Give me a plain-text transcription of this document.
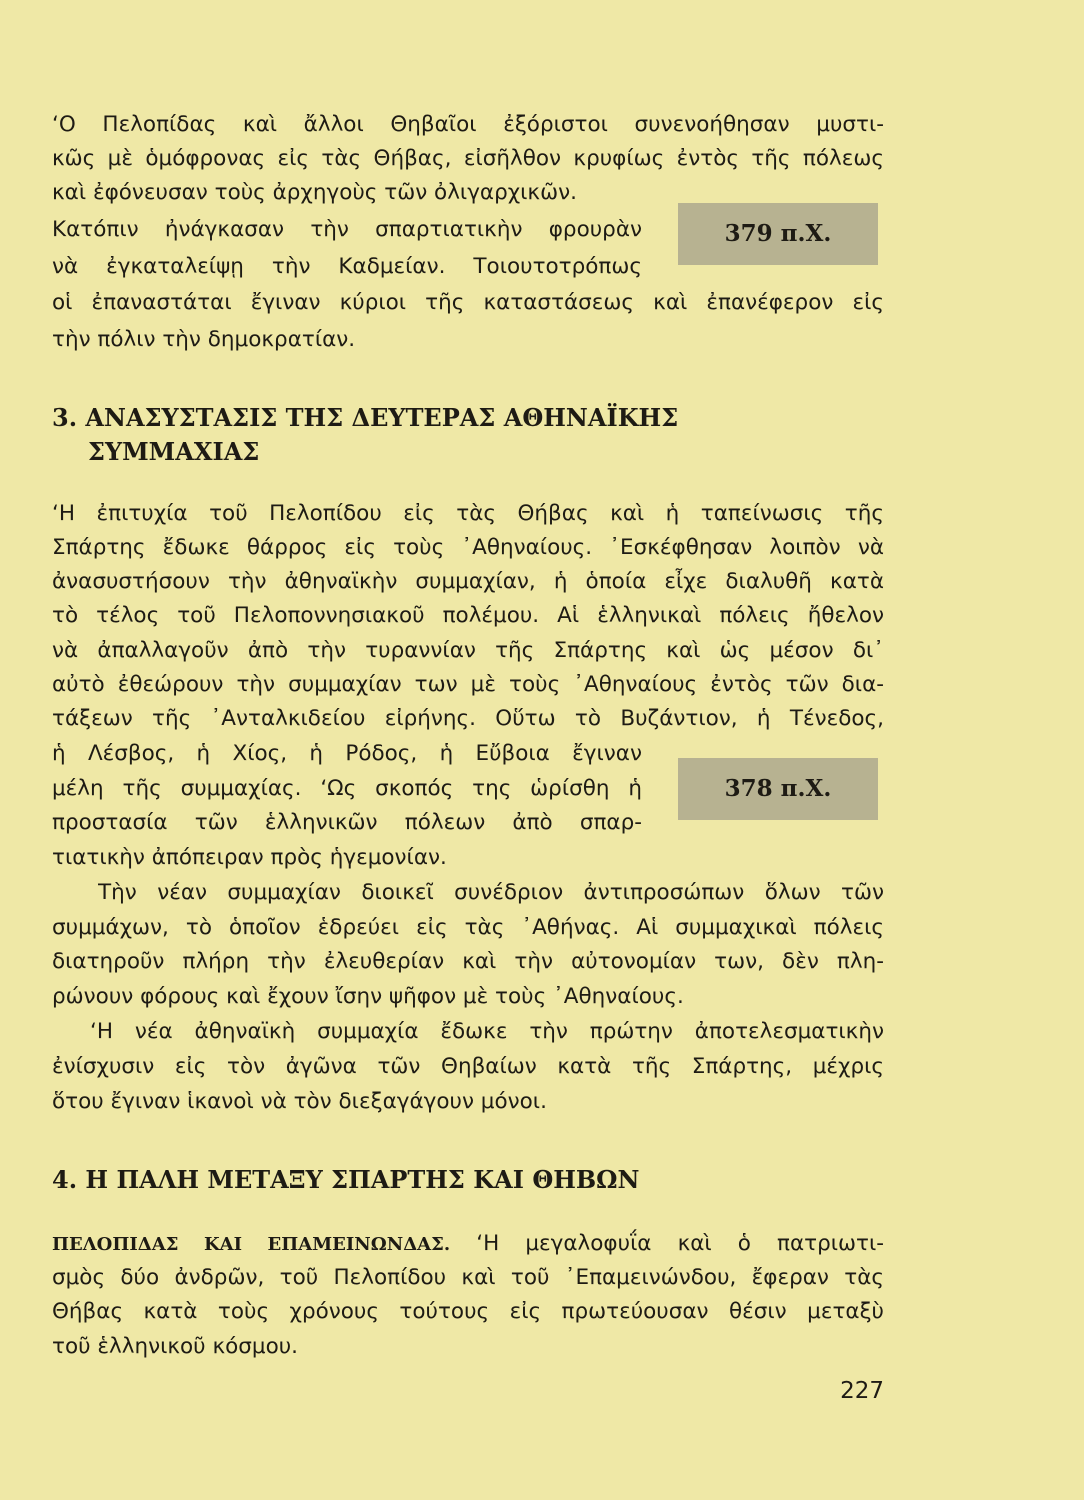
‘Ο Πελοπίδας καὶ ἄλλοι Θηβαῖοι ἐξόριστοι συνενοήθησαν μυστι-
κῶς μὲ ὁμόφρονας εἰς τὰς Θήβας, εἰσῆλθον κρυφίως ἐντὸς τῆς πόλεως
καὶ ἐφόνευσαν τοὺς ἀρχηγοὺς τῶν ὀλιγαρχικῶν.
Κατόπιν ἠνάγκασαν τὴν σπαρτιατικὴν φρουρὰν
νὰ ἐγκαταλείψῃ τὴν Καδμείαν. Τοιουτοτρόπως
οἱ ἐπαναστάται ἔγιναν κύριοι τῆς καταστάσεως καὶ ἐπανέφερον εἰς
τὴν πόλιν τὴν δημοκρατίαν.
379 π.Χ.
3. ΑΝΑΣΥΣΤΑΣΙΣ ΤΗΣ ΔΕΥΤΕΡΑΣ ΑΘΗΝΑΪΚΗΣ
ΣΥΜΜΑΧΙΑΣ
‘Η ἐπιτυχία τοῦ Πελοπίδου εἰς τὰς Θήβας καὶ ἡ ταπείνωσις τῆς
Σπάρτης ἔδωκε θάρρος εἰς τοὺς ᾿Αθηναίους. ᾿Εσκέφθησαν λοιπὸν νὰ
ἀνασυστήσουν τὴν ἀθηναϊκὴν συμμαχίαν, ἡ ὁποία εἶχε διαλυθῆ κατὰ
τὸ τέλος τοῦ Πελοποννησιακοῦ πολέμου. Αἱ ἑλληνικαὶ πόλεις ἤθελον
νὰ ἀπαλλαγοῦν ἀπὸ τὴν τυραννίαν τῆς Σπάρτης καὶ ὡς μέσον δι᾿
αὐτὸ ἐθεώρουν τὴν συμμαχίαν των μὲ τοὺς ᾿Αθηναίους ἐντὸς τῶν δια-
τάξεων τῆς ᾿Ανταλκιδείου εἰρήνης. Οὕτω τὸ Βυζάντιον, ἡ Τένεδος,
ἡ Λέσβος, ἡ Χίος, ἡ Ρόδος, ἡ Εὔβοια ἔγιναν
μέλη τῆς συμμαχίας. ‘Ως σκοπός της ὡρίσθη ἡ
προστασία τῶν ἑλληνικῶν πόλεων ἀπὸ σπαρ-
τιατικὴν ἀπόπειραν πρὸς ἡγεμονίαν.
378 π.Χ.
Τὴν νέαν συμμαχίαν διοικεῖ συνέδριον ἀντιπροσώπων ὅλων τῶν
συμμάχων, τὸ ὁποῖον ἑδρεύει εἰς τὰς ᾿Αθήνας. Αἱ συμμαχικαὶ πόλεις
διατηροῦν πλήρη τὴν ἐλευθερίαν καὶ τὴν αὐτονομίαν των, δὲν πλη-
ρώνουν φόρους καὶ ἔχουν ἴσην ψῆφον μὲ τοὺς ᾿Αθηναίους.
‘Η νέα ἀθηναϊκὴ συμμαχία ἔδωκε τὴν πρώτην ἀποτελεσματικὴν
ἐνίσχυσιν εἰς τὸν ἀγῶνα τῶν Θηβαίων κατὰ τῆς Σπάρτης, μέχρις
ὅτου ἔγιναν ἱκανοὶ νὰ τὸν διεξαγάγουν μόνοι.
4. Η ΠΑΛΗ ΜΕΤΑΞΥ ΣΠΑΡΤΗΣ ΚΑΙ ΘΗΒΩΝ
ΠΕΛΟΠΙΔΑΣ ΚΑΙ ΕΠΑΜΕΙΝΩΝΔΑΣ. ‘Η μεγαλοφυΐα καὶ ὁ πατριωτι-
σμὸς δύο ἀνδρῶν, τοῦ Πελοπίδου καὶ τοῦ ᾿Επαμεινώνδου, ἔφεραν τὰς
Θήβας κατὰ τοὺς χρόνους τούτους εἰς πρωτεύουσαν θέσιν μεταξὺ
τοῦ ἑλληνικοῦ κόσμου.
227
